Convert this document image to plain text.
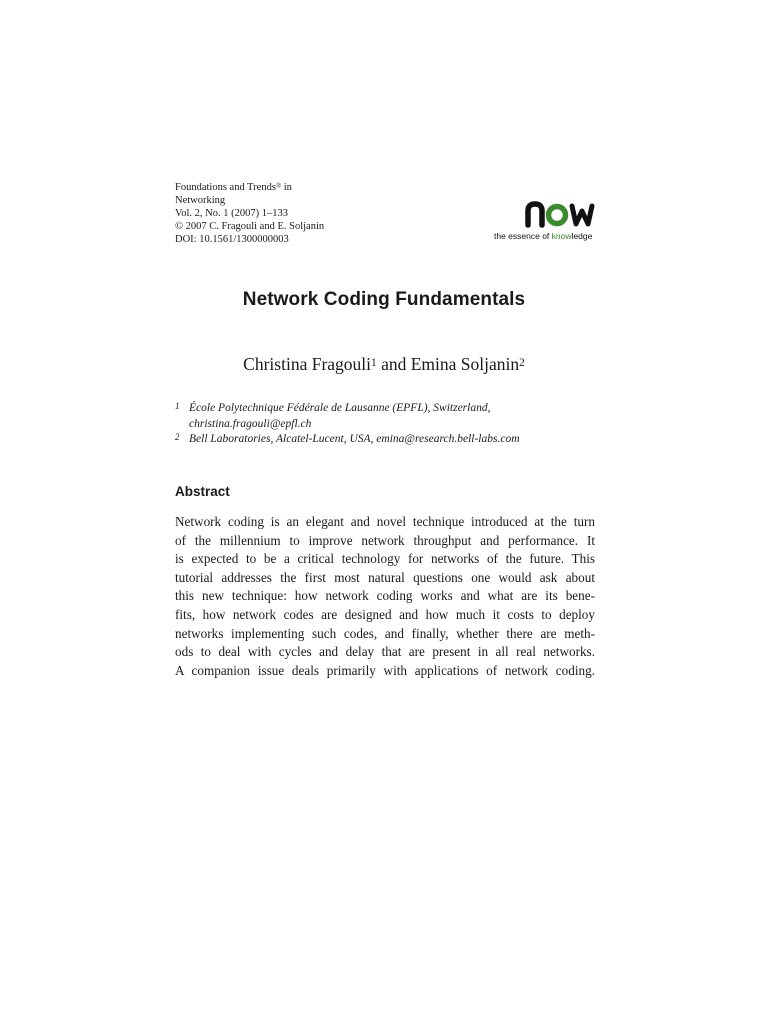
Foundations and Trends® in
Networking
Vol. 2, No. 1 (2007) 1–133
© 2007 C. Fragouli and E. Soljanin
DOI: 10.1561/1300000003	the essence of knowledge
Network Coding Fundamentals
Christina Fragouli$^1$ and Emina Soljanin$^2$
1 École Polytechnique Fédérale de Lausanne (EPFL), Switzerland,
christina.fragouli@epfl.ch
2 Bell Laboratories, Alcatel-Lucent, USA, emina@research.bell-labs.com
Abstract
Network coding is an elegant and novel technique introduced at the turn
of the millennium to improve network throughput and performance. It
is expected to be a critical technology for networks of the future. This
tutorial addresses the first most natural questions one would ask about
this new technique: how network coding works and what are its bene-
fits, how network codes are designed and how much it costs to deploy
networks implementing such codes, and finally, whether there are meth-
ods to deal with cycles and delay that are present in all real networks.
A companion issue deals primarily with applications of network coding.
